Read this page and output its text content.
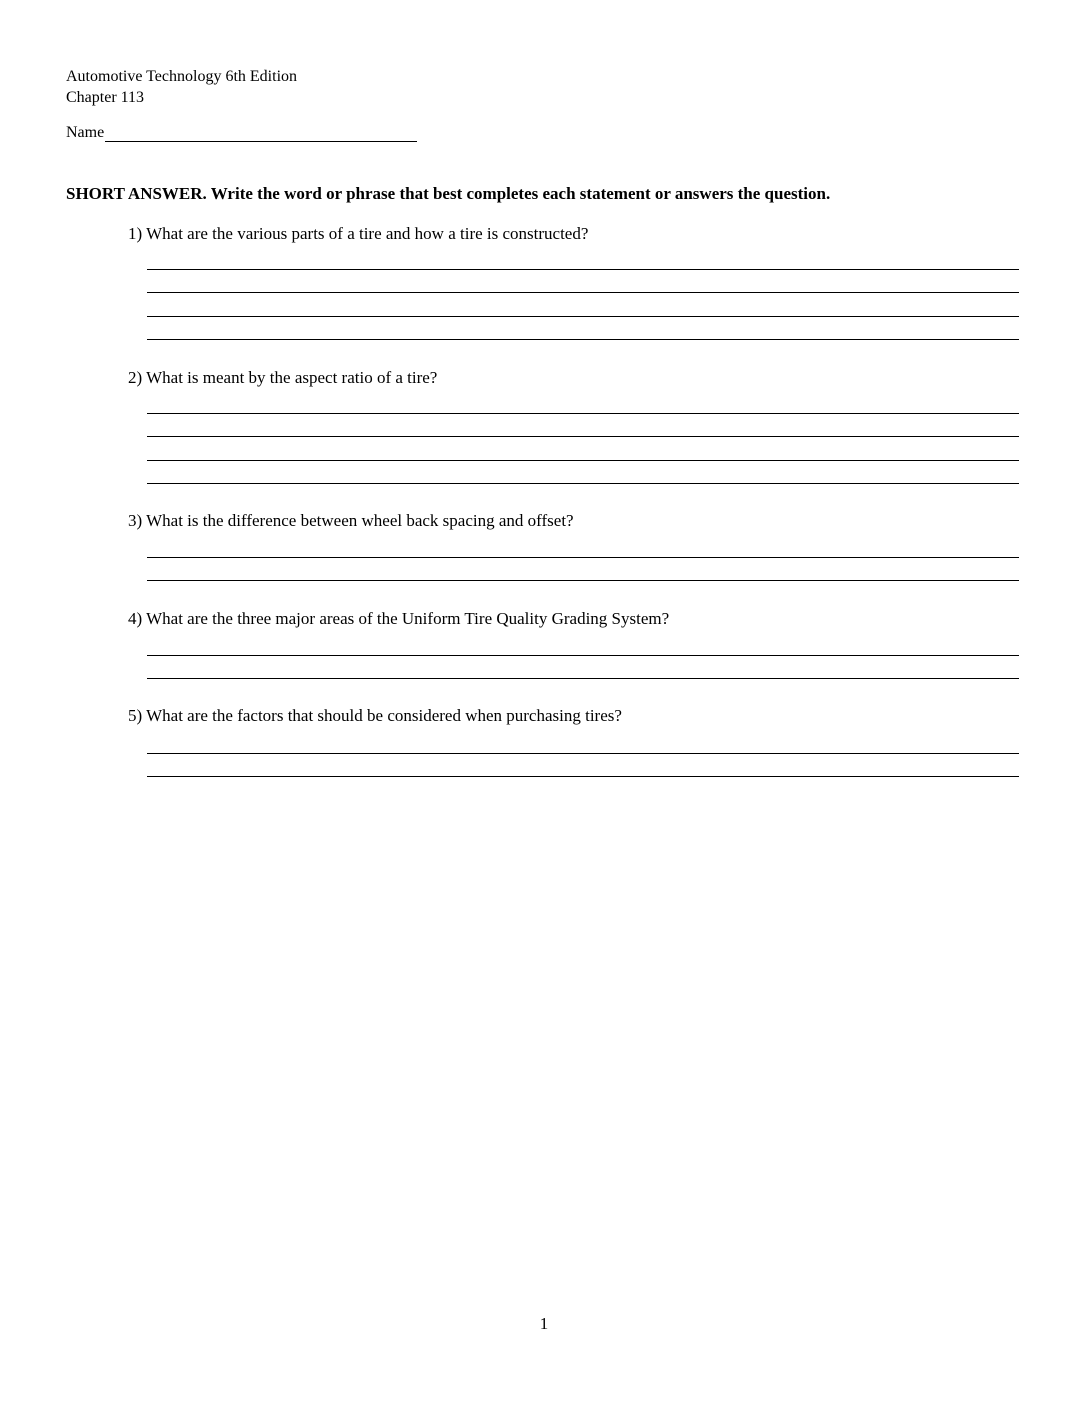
Automotive Technology 6th Edition
Chapter 113
Name
SHORT ANSWER. Write the word or phrase that best completes each statement or answers the question.
1) What are the various parts of a tire and how a tire is constructed?
2) What is meant by the aspect ratio of a tire?
3) What is the difference between wheel back spacing and offset?
4) What are the three major areas of the Uniform Tire Quality Grading System?
5) What are the factors that should be considered when purchasing tires?
1
